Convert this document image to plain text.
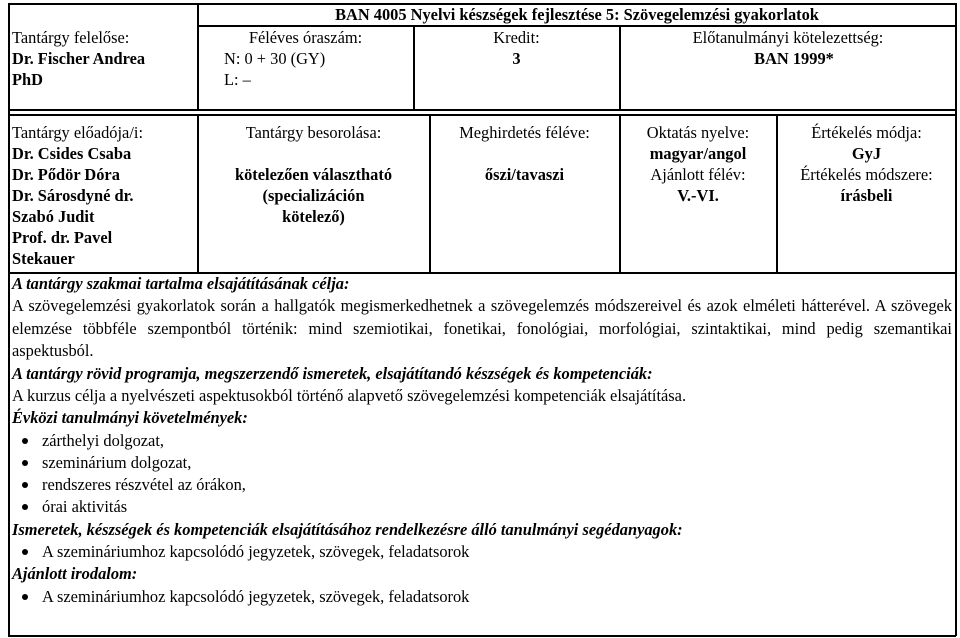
BAN 4005 Nyelvi készségek fejlesztése 5: Szövegelemzési gyakorlatok
Tantárgy felelőse:
Dr. Fischer Andrea
PhD
Féléves óraszám:
N: 0 + 30 (GY)
L: –
Kredit:
3
Előtanulmányi kötelezettség:
BAN 1999*
Tantárgy előadója/i:
Dr. Csides Csaba
Dr. Pődör Dóra
Dr. Sárosdyné dr.
Szabó Judit
Prof. dr. Pavel
Stekauer
Tantárgy besorolása:
kötelezően választható
(specializáción
kötelező)
Meghirdetés féléve:
őszi/tavaszi
Oktatás nyelve:
magyar/angol
Ajánlott félév:
V.-VI.
Értékelés módja:
GyJ
Értékelés módszere:
írásbeli
A tantárgy szakmai tartalma elsajátításának célja:
A szövegelemzési gyakorlatok során a hallgatók megismerkedhetnek a szövegelemzés módszereivel és azok elméleti hátterével. A szövegek elemzése többféle szempontból történik: mind szemiotikai, fonetikai, fonológiai, morfológiai, szintaktikai, mind pedig szemantikai aspektusból.
A tantárgy rövid programja, megszerzendő ismeretek, elsajátítandó készségek és kompetenciák:
A kurzus célja a nyelvészeti aspektusokból történő alapvető szövegelemzési kompetenciák elsajátítása.
Évközi tanulmányi követelmények:
zárthelyi dolgozat,
szeminárium dolgozat,
rendszeres részvétel az órákon,
órai aktivitás
Ismeretek, készségek és kompetenciák elsajátításához rendelkezésre álló tanulmányi segédanyagok:
A szemináriumhoz kapcsolódó jegyzetek, szövegek, feladatsorok
Ajánlott irodalom:
A szemináriumhoz kapcsolódó jegyzetek, szövegek, feladatsorok
